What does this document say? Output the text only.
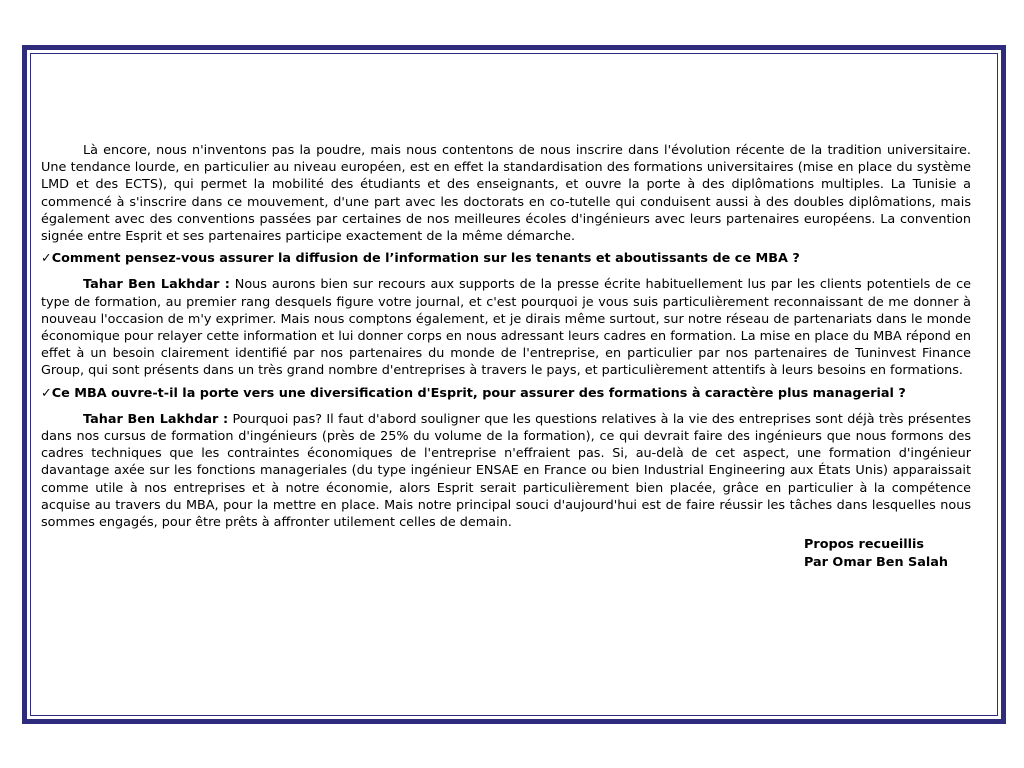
Là encore, nous n'inventons pas la poudre, mais nous contentons de nous inscrire dans l'évolution récente de la tradition universitaire. Une tendance lourde, en particulier au niveau européen, est en effet la standardisation des formations universitaires (mise en place du système LMD et des ECTS), qui permet la mobilité des étudiants et des enseignants, et ouvre la porte à des diplômations multiples. La Tunisie a commencé à s'inscrire dans ce mouvement, d'une part avec les doctorats en co-tutelle qui conduisent aussi à des doubles diplômations, mais également avec des conventions passées par certaines de nos meilleures écoles d'ingénieurs avec leurs partenaires européens. La convention signée entre Esprit et ses partenaires participe exactement de la même démarche.

✓Comment pensez-vous assurer la diffusion de l’information sur les tenants et aboutissants de ce MBA ?

Tahar Ben Lakhdar : Nous aurons bien sur recours aux supports de la presse écrite habituellement lus par les clients potentiels de ce type de formation, au premier rang desquels figure votre journal, et c'est pourquoi je vous suis particulièrement reconnaissant de me donner à nouveau l'occasion de m'y exprimer. Mais nous comptons également, et je dirais même surtout, sur notre réseau de partenariats dans le monde économique pour relayer cette information et lui donner corps en nous adressant leurs cadres en formation. La mise en place du MBA répond en effet à un besoin clairement identifié par nos partenaires du monde de l'entreprise, en particulier par nos partenaires de Tuninvest Finance Group, qui sont présents dans un très grand nombre d'entreprises à travers le pays, et particulièrement attentifs à leurs besoins en formations.

✓Ce MBA ouvre-t-il la porte vers une diversification d'Esprit, pour assurer des formations à caractère plus managerial ?

Tahar Ben Lakhdar : Pourquoi pas? Il faut d'abord souligner que les questions relatives à la vie des entreprises sont déjà très présentes dans nos cursus de formation d'ingénieurs (près de 25% du volume de la formation), ce qui devrait faire des ingénieurs que nous formons des cadres techniques que les contraintes économiques de l'entreprise n'effraient pas. Si, au-delà de cet aspect, une formation d'ingénieur davantage axée sur les fonctions manageriales (du type ingénieur ENSAE en France ou bien Industrial Engineering aux États Unis) apparaissait comme utile à nos entreprises et à notre économie, alors Esprit serait particulièrement bien placée, grâce en particulier à la compétence acquise au travers du MBA, pour la mettre en place. Mais notre principal souci d'aujourd'hui est de faire réussir les tâches dans lesquelles nous sommes engagés, pour être prêts à affronter utilement celles de demain.

Propos recueillis
Par Omar Ben Salah
